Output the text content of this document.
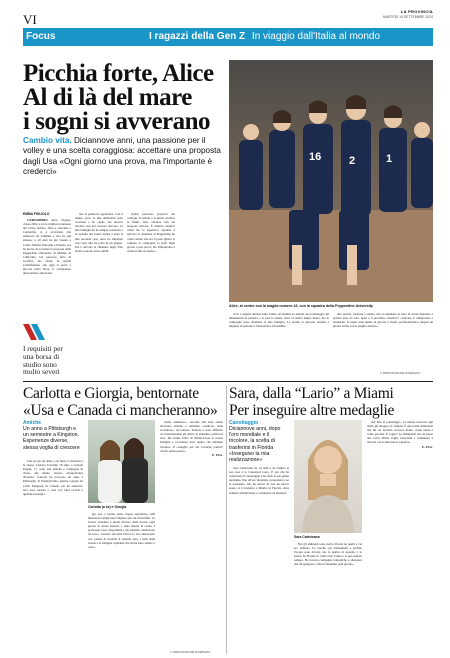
VI
LA PROVINCIA
MARTEDÌ 10 SETTEMBRE 2024
Focus	I ragazzi della Gen Z In viaggio dall'Italia al mondo
Picchia forte, Alice
Al di là del mare
i sogni si avverano
Cambio vita. Diciannove anni, una passione per il volley e una scelta coraggiosa: accettare una proposta dagli Usa «Ogni giorno una prova, ma l'importante è crederci»
16	2	1
Alice, al centro con la maglia numero 16, con la squadra della Pepperdine University
EMMA FIGLIOLO

CERNOBBIO Alice Viganò, classe 2004, è tra le migliori promesse del volley lariano. Nata e cresciuta a Cernobbio, si è avvicinata alla pallavolo da bambina e non ha più smesso: a 19 anni ha già vissuto a Como, Monza, Piacenza e Firenze, poi ha deciso di accettare la proposta della Pepperdine University di Malibu, in California. Un percorso fatto di sacrifici, ma anche di grandi soddisfazioni, che oggi la porta a giocare nella Ncaa, il campionato universitario americano.

tare la pallavolo agonistica. Con il tempo, però, le mie ambizioni sono cresciute e ho capito che dovevo lasciare casa per crescere davvero. La mia famiglia mi ha sempre sostenuta e la squadra del Como Volley è stata la mia seconda casa, dove ho imparato cosa vuol dire far parte di un gruppo. Poi è arrivata la chiamata dagli Stati Uniti e non ho avuto dubbi.

zialità potevano proporci dei colloqui. Il talento e la grinta di Alice le hanno fatto ottenere ben sei proposte diverse. È rimasta stupita? «Non me lo aspettavo. Quando è arrivata la chiamata di Pepperdine ho capito subito che era il posto giusto: il campus, le compagne, lo staff. Ogni giorno è una prova, ma l'importante è crederci fino in fondo».

ciclo e seguita durante tutto l'anno. Al mattino le lezioni, nel pomeriggio gli allenamenti in palestra e la sera lo studio. Non c'è molto tempo libero, ma le compagne sono diventate la mia famiglia. Le partite si giocano davanti a migliaia di persone e l'atmosfera è incredibile.

dire tecnici, trasferte e studio, che si sommano al fatto di dover imparare a gestire tutto da sola. Qual è il prossimo obiettivo? «Vincere il campionato e laurearmi. Il sogno resta quello di giocare a livello professionistico, magari un giorno anche con la maglia azzurra».

© RIPRODUZIONE RISERVATA
I requisiti per una borsa di studio sono molto severi
Carlotta e Giorgia, bentornate
«Usa e Canada ci mancheranno»
Amiche
Un anno a Pittsburgh e un semestre a Kingston. Esperienze diverse, stessa voglia di crescere

Che sia per un anno o sei mesi, la distanza è la stessa. Carlotta Travaini, 18 anni, e Giorgia Pagani, 17, sono due amiche e compagne di classe che hanno vissuto un'esperienza all'estero. Carlotta ha trascorso un anno a Pittsburgh, in Pennsylvania, mentre Giorgia ha scelto Kingston, in Canada, per un semestre. Ora sono tornate a casa con tanti ricordi e qualche nostalgia.

Carlotta (a sx) e Giorgia

gia, poi, è partita senza troppe aspettative. «Mi interessava migliorare l'inglese più che divertirmi. La scuola canadese è molto diversa dalla nostra: ogni giorno le stesse materie e tanta libertà di scelta. I professori sono disponibili e gli studenti collaborano tra loro». Carlotta racconta invece la vita americana: «Le partite di football il venerdì sera, i balli della scuola e la famiglia ospitante che mi ha fatto sentire a casa».

anche ammesso». «Grazie alle host siamo diventate amiche e abbiamo condiviso tante avventure», raccontano. Tornare è stato difficile: «Ci mancheranno gli amici, le abitudini, perfino il cibo. Ma siamo felici di riabbracciare le nostre famiglie e raccontare tutto quello che abbiamo vissuto». Il consiglio per chi vorrebbe partire? «Farlo senza paura».

E. FIG.

© RIPRODUZIONE RISERVATA
Sara, dalla “Lario” a Miami
Per inseguire altre medaglie
Canottaggio
Diciannove anni, dopo l'oro mondiale e il tricolore, la scelta di trasferirsi in Florida «Inseguivo la mia realizzazione»

Sara Caterisano ha 19 anni e da sempre la sua casa è la Canottieri Lario. È qui che ha conosciuto il canottaggio e ha vinto le sue prime medaglie, fino all'oro mondiale conquistato con la nazionale. Ora ha deciso di fare un nuovo passo: si è trasferita a Miami, in Florida, dove studierà all'università e continuerà ad allenarsi.

Sara Caterisano

Nel gli ambienti sono molto diversi da quelli a cui ero abituata. Le barche, gli allenamenti e perfino l'acqua sono diversi, ma lo spirito di squadra è lo stesso. In Florida fa caldo tutto l'anno e si può remare sempre. Ho trovato compagne fantastiche e allenatori che mi spingono a dare il massimo ogni giorno».

tesi fino al pomeriggio. La mensa riservata agli atleti, gli alloggi e il campus. È una realtà stimolante che mi sta facendo crescere molto, come atleta e come persona. Il sogno? Le Olimpiadi, ma un passo alla volta. Prima voglio laurearmi e continuare a vincere con la mia nuova squadra».

E. FIG.
